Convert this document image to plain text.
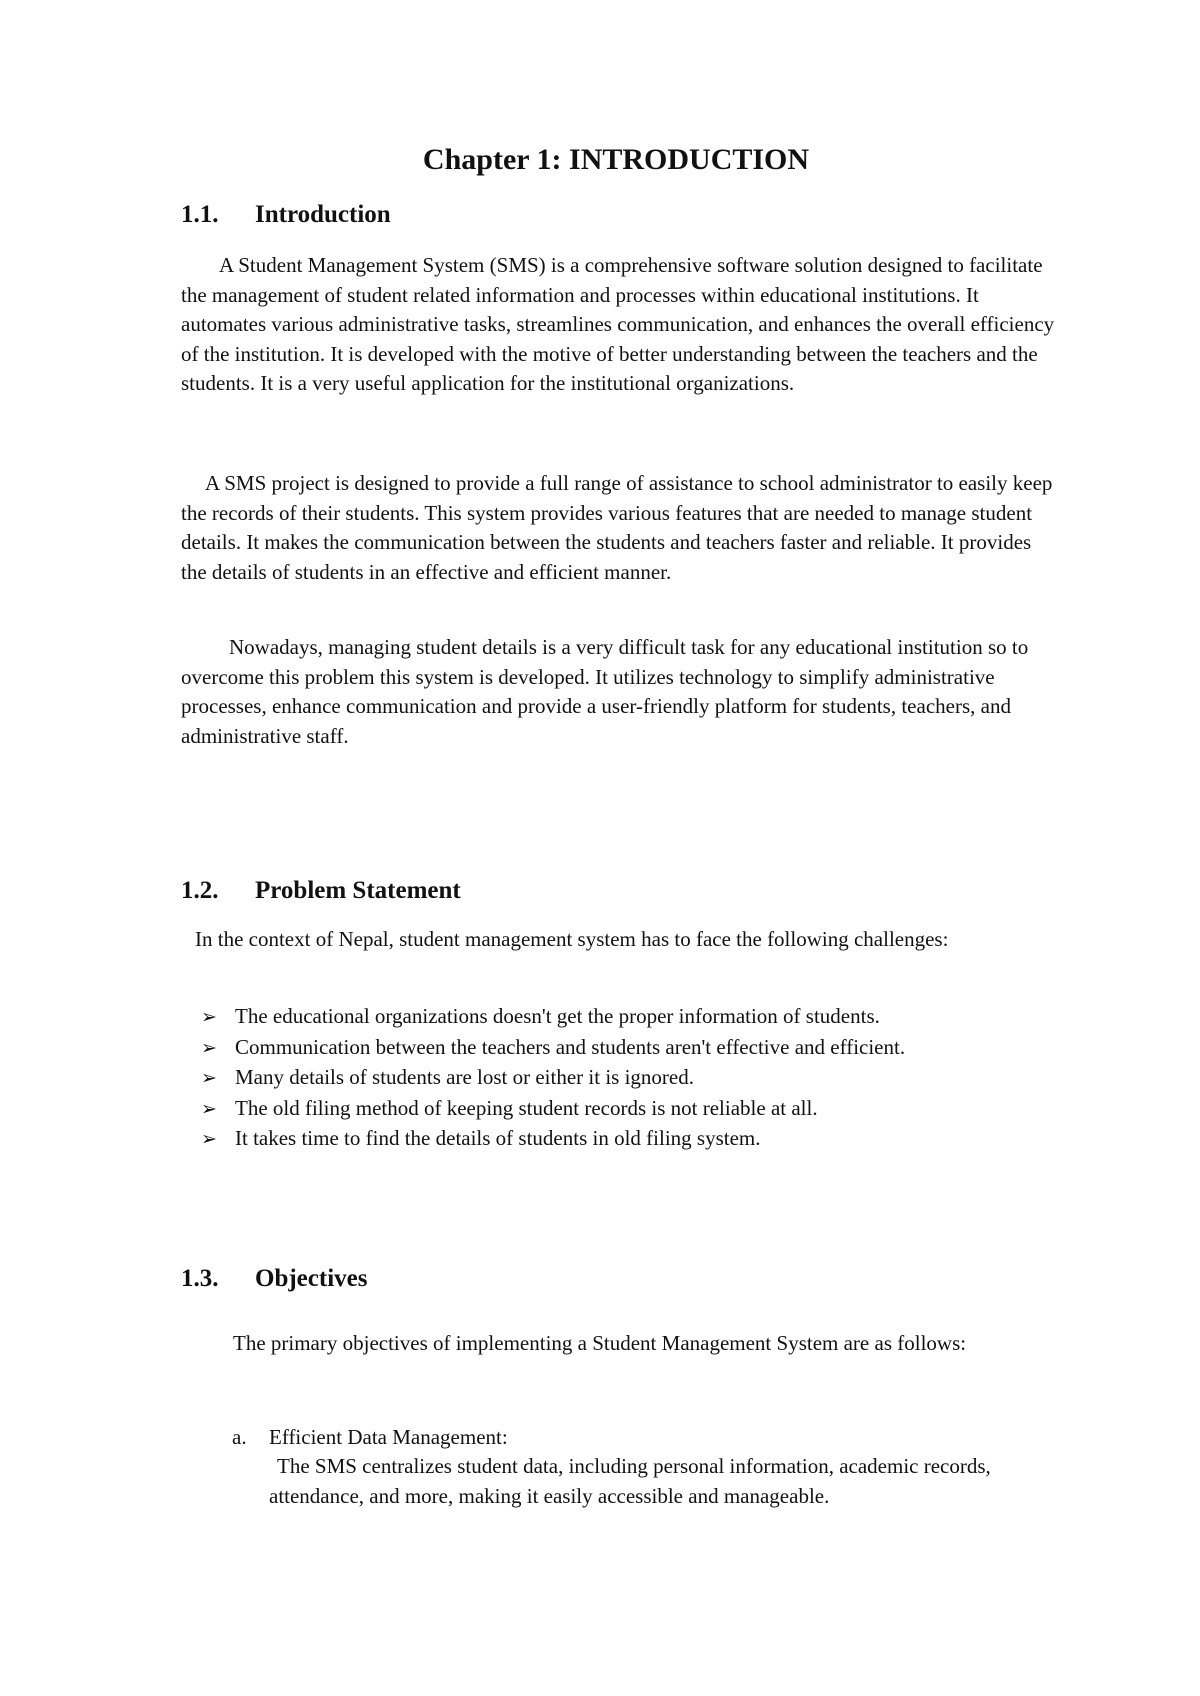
Chapter 1: INTRODUCTION
1.1. Introduction

A Student Management System (SMS) is a comprehensive software solution designed to facilitate the management of student related information and processes within educational institutions. It automates various administrative tasks, streamlines communication, and enhances the overall efficiency of the institution. It is developed with the motive of better understanding between the teachers and the students. It is a very useful application for the institutional organizations.

A SMS project is designed to provide a full range of assistance to school administrator to easily keep the records of their students. This system provides various features that are needed to manage student details. It makes the communication between the students and teachers faster and reliable. It provides the details of students in an effective and efficient manner.

Nowadays, managing student details is a very difficult task for any educational institution so to overcome this problem this system is developed. It utilizes technology to simplify administrative processes, enhance communication and provide a user-friendly platform for students, teachers, and administrative staff.

1.2. Problem Statement

In the context of Nepal, student management system has to face the following challenges:

➢ The educational organizations doesn't get the proper information of students.
➢ Communication between the teachers and students aren't effective and efficient.
➢ Many details of students are lost or either it is ignored.
➢ The old filing method of keeping student records is not reliable at all.
➢ It takes time to find the details of students in old filing system.
1.3. Objectives

The primary objectives of implementing a Student Management System are as follows:

a. Efficient Data Management:

The SMS centralizes student data, including personal information, academic records, attendance, and more, making it easily accessible and manageable.
